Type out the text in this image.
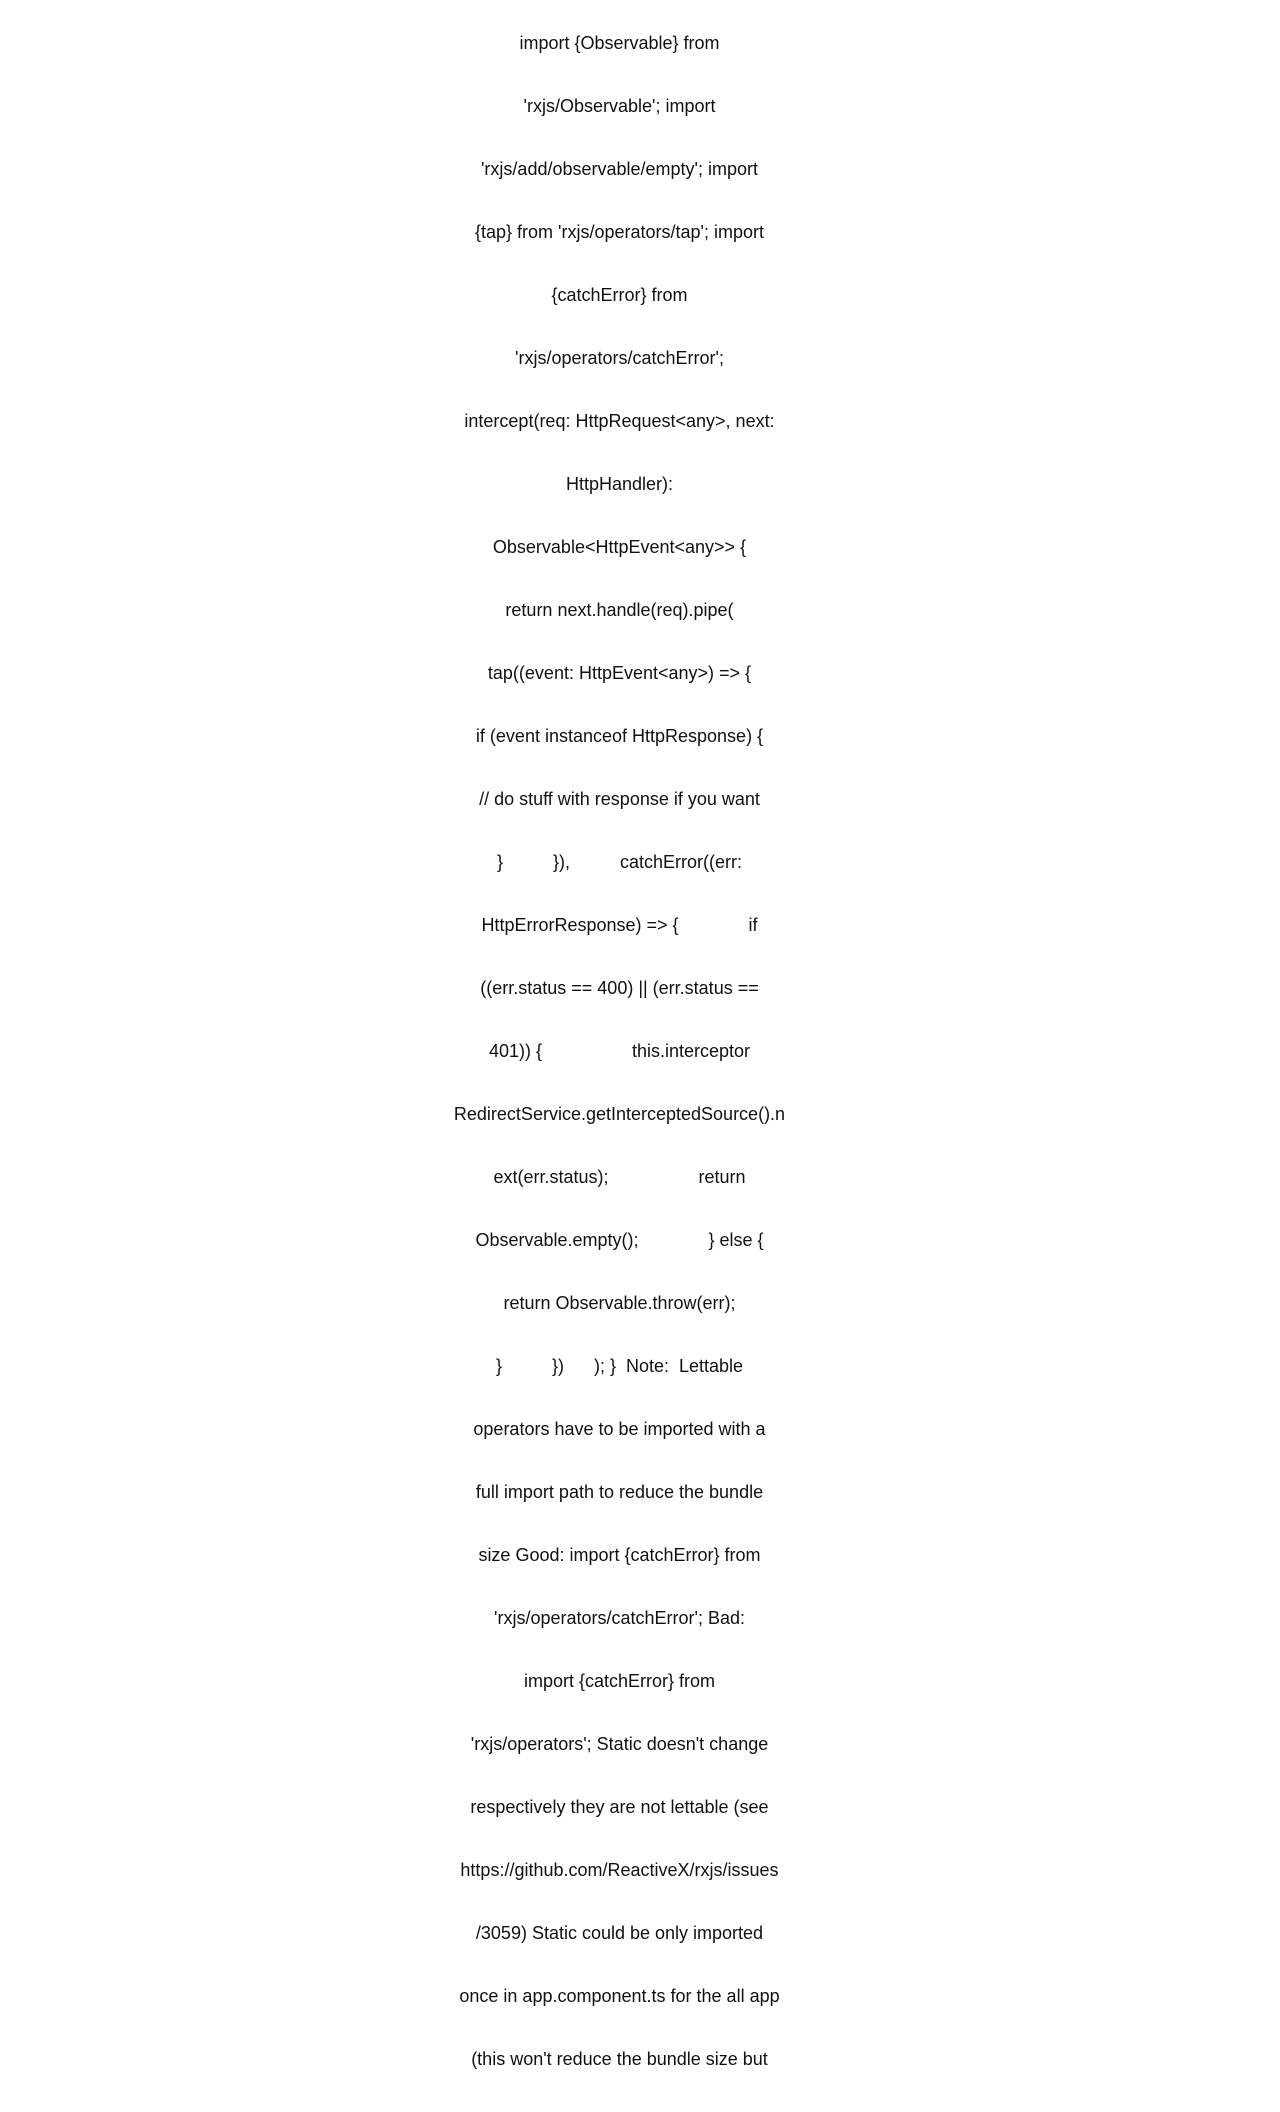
import {Observable} from

'rxjs/Observable'; import

'rxjs/add/observable/empty'; import

{tap} from 'rxjs/operators/tap'; import

{catchError} from

'rxjs/operators/catchError';

intercept(req: HttpRequest<any>, next:

HttpHandler):

Observable<HttpEvent<any>> {

return next.handle(req).pipe(

tap((event: HttpEvent<any>) => {

if (event instanceof HttpResponse) {

// do stuff with response if you want

}          }),          catchError((err:

HttpErrorResponse) => {              if

((err.status == 400) || (err.status ==

401)) {                  this.interceptor

RedirectService.getInterceptedSource().n

ext(err.status);                  return

Observable.empty();              } else {

return Observable.throw(err);

}          })      ); }  Note:  Lettable

operators have to be imported with a

full import path to reduce the bundle

size Good: import {catchError} from

'rxjs/operators/catchError'; Bad:

import {catchError} from

'rxjs/operators'; Static doesn't change

respectively they are not lettable (see

https://github.com/ReactiveX/rxjs/issues

/3059) Static could be only imported

once in app.component.ts for the all app

(this won't reduce the bundle size but
